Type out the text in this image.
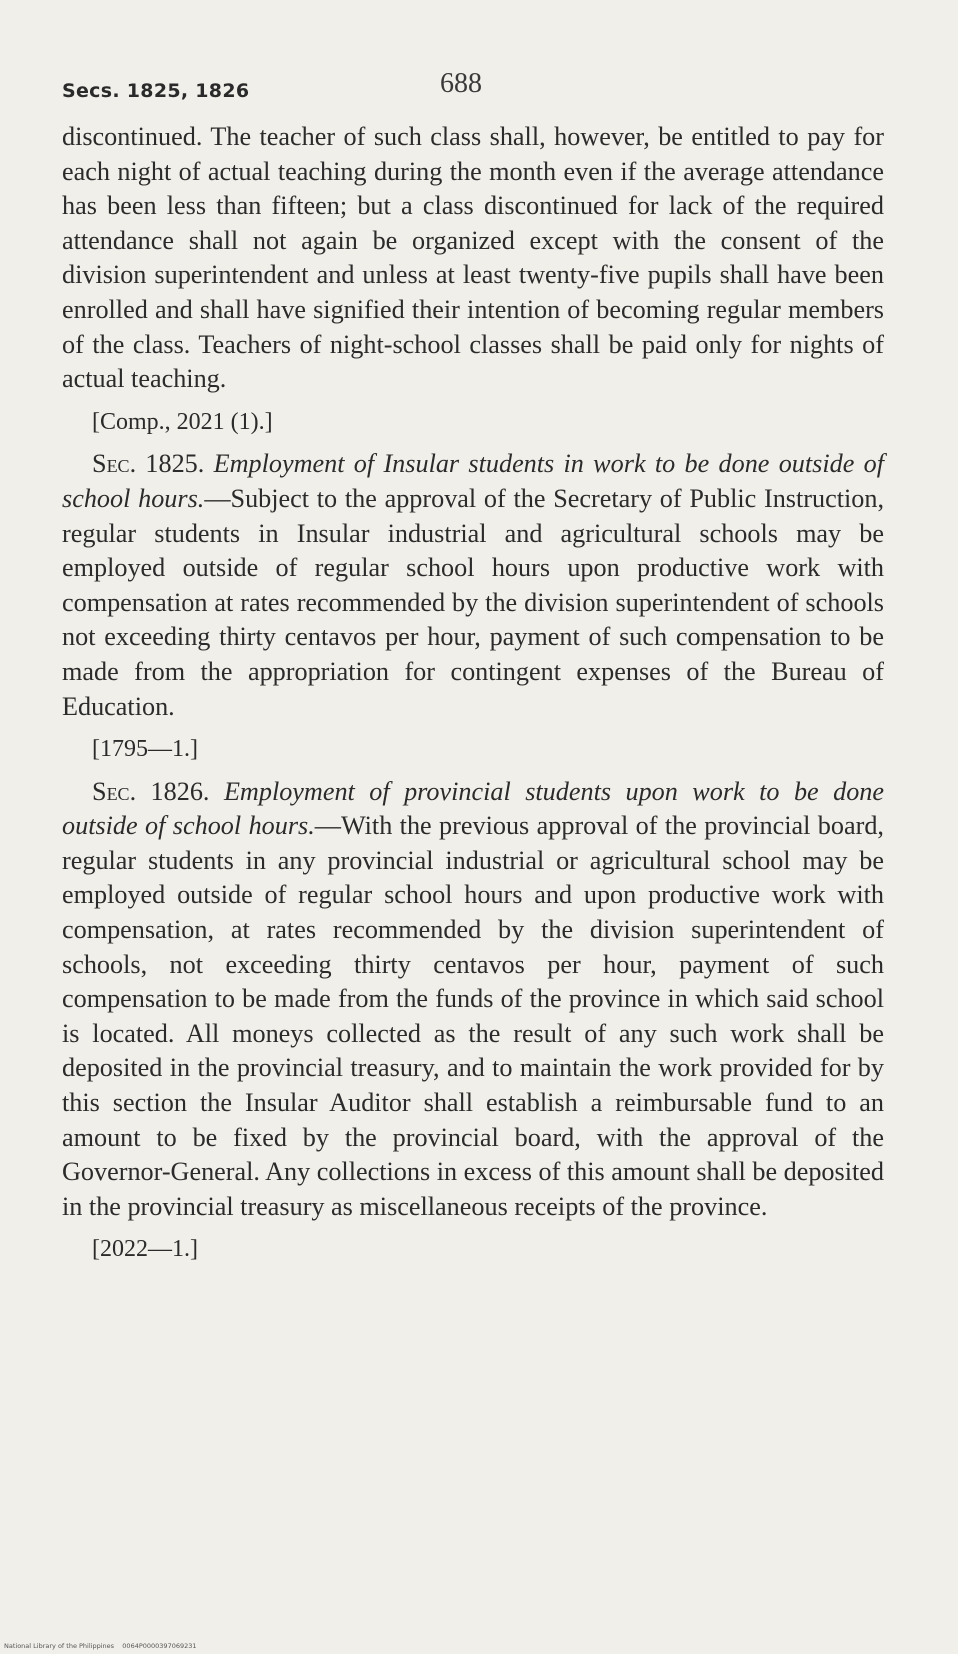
Secs. 1825, 1826	688

discontinued. The teacher of such class shall, however, be entitled to pay for each night of actual teaching during the month even if the average attendance has been less than fifteen; but a class discontinued for lack of the required attendance shall not again be organized except with the consent of the division superintendent and unless at least twenty-five pupils shall have been enrolled and shall have signified their intention of becoming regular members of the class. Teachers of night-school classes shall be paid only for nights of actual teaching.

[Comp., 2021 (1).]

Sec. 1825. Employment of Insular students in work to be done outside of school hours.—Subject to the approval of the Secretary of Public Instruction, regular students in Insular industrial and agricultural schools may be employed outside of regular school hours upon productive work with compensation at rates recommended by the division superintendent of schools not exceeding thirty centavos per hour, payment of such compensation to be made from the appropriation for contingent expenses of the Bureau of Education.

[1795—1.]

Sec. 1826. Employment of provincial students upon work to be done outside of school hours.—With the previous approval of the provincial board, regular students in any provincial industrial or agricultural school may be employed outside of regular school hours and upon productive work with compensation, at rates recommended by the division superintendent of schools, not exceeding thirty centavos per hour, payment of such compensation to be made from the funds of the province in which said school is located. All moneys collected as the result of any such work shall be deposited in the provincial treasury, and to maintain the work provided for by this section the Insular Auditor shall establish a reimbursable fund to an amount to be fixed by the provincial board, with the approval of the Governor-General. Any collections in excess of this amount shall be deposited in the provincial treasury as miscellaneous receipts of the province.

[2022—1.]

National Library of the Philippines 0064P0000397069231
